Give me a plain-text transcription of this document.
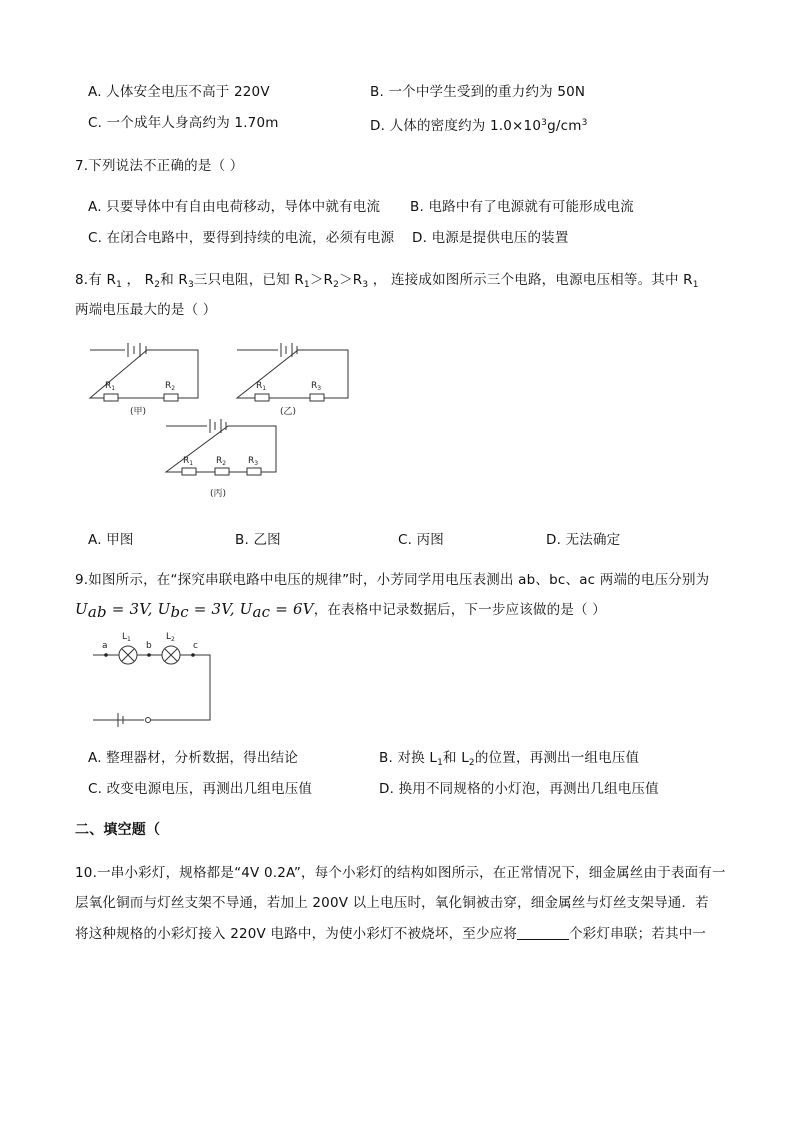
A. 人体安全电压不高于 220V	B. 一个中学生受到的重力约为 50N
C. 一个成年人身高约为 1.70m	D. 人体的密度约为 $1.0\times 10^3g/cm^3$
7.下列说法不正确的是（ ）
A. 只要导体中有自由电荷移动，导体中就有电流 B. 电路中有了电源就有可能形成电流
C. 在闭合电路中，要得到持续的电流，必须有电源 D. 电源是提供电压的装置
8.有 $R_1$ ， $R_2$和 $R_3$三只电阻，已知 $R_1>R_2>R_3$ ， 连接成如图所示三个电路，电源电压相等。其中 $R_1$
两端电压最大的是（ ）
$R_1$	$R_2$
(甲)
$R_1$	$R_3$
(乙)
$R_1$	$R_2$ $R_3$
(丙)
A. 甲图	B. 乙图	C. 丙图	D. 无法确定
9.如图所示，在“探究串联电路中电压的规律”时，小芳同学用电压表测出 ab、bc、ac 两端的电压分别为
Uab = 3V, Ubc = 3V, Uac = 6V，在表格中记录数据后，下一步应该做的是（ ）
a	b	c
$L_1$	$L_2$
A. 整理器材，分析数据，得出结论	B. 对换 $L_1$和 $L_2$的位置，再测出一组电压值
C. 改变电源电压，再测出几组电压值	D. 换用不同规格的小灯泡，再测出几组电压值
二、填空题（
10.一串小彩灯，规格都是“4V 0.2A”，每个小彩灯的结构如图所示，在正常情况下，细金属丝由于表面有一
层氧化铜而与灯丝支架不导通，若加上 200V 以上电压时，氧化铜被击穿，细金属丝与灯丝支架导通．若
将这种规格的小彩灯接入 220V 电路中，为使小彩灯不被烧坏，至少应将	个彩灯串联；若其中一
